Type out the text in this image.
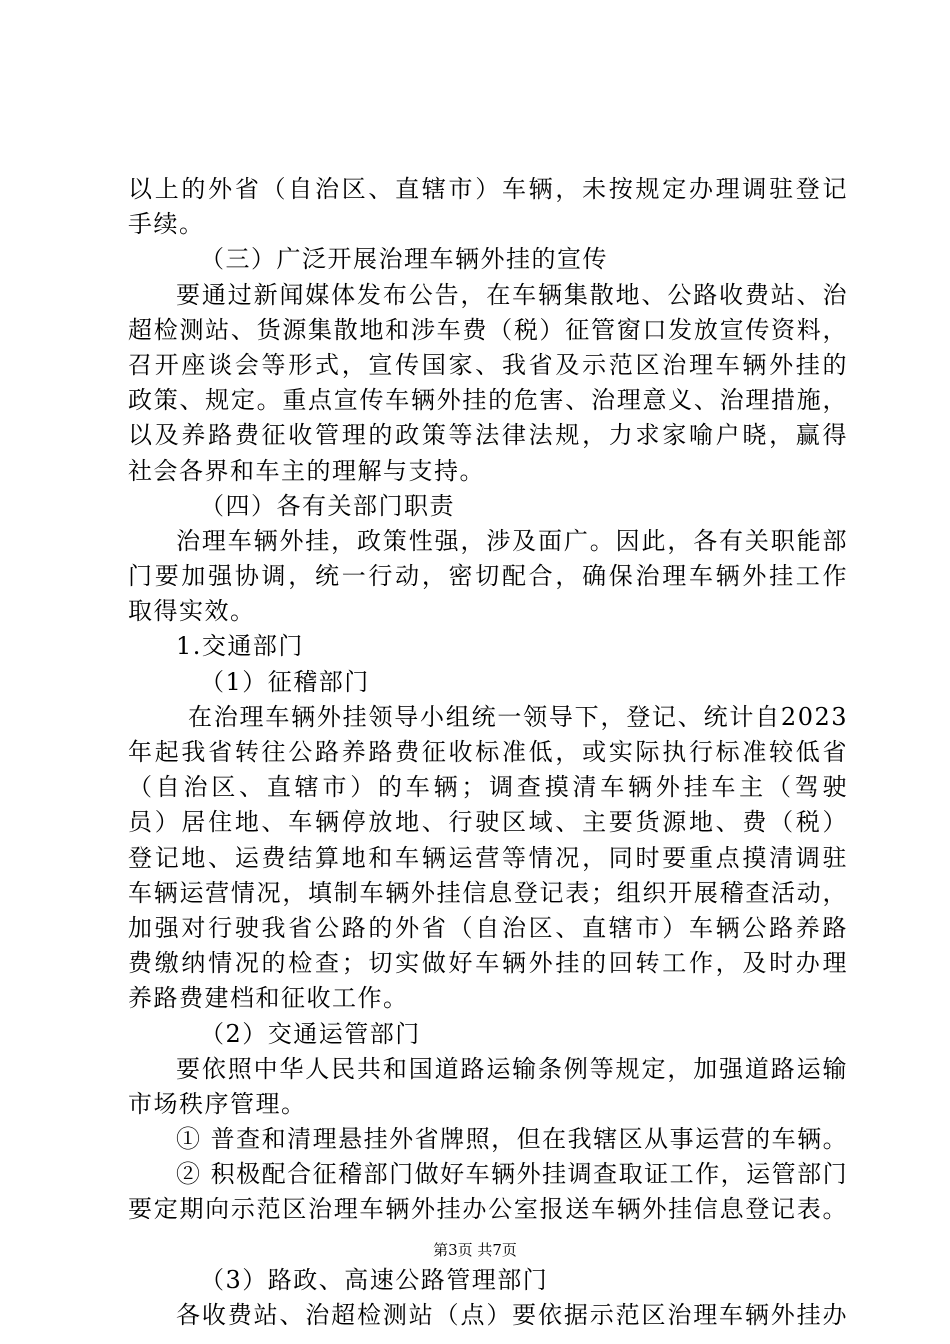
以上的外省（自治区、直辖市）车辆，未按规定办理调驻登记
手续。
（三）广泛开展治理车辆外挂的宣传
要通过新闻媒体发布公告，在车辆集散地、公路收费站、治
超检测站、货源集散地和涉车费（税）征管窗口发放宣传资料，
召开座谈会等形式，宣传国家、我省及示范区治理车辆外挂的
政策、规定。重点宣传车辆外挂的危害、治理意义、治理措施，
以及养路费征收管理的政策等法律法规，力求家喻户晓，赢得
社会各界和车主的理解与支持。
（四）各有关部门职责
治理车辆外挂，政策性强，涉及面广。因此，各有关职能部
门要加强协调，统一行动，密切配合，确保治理车辆外挂工作
取得实效。
1.交通部门
（1）征稽部门
在治理车辆外挂领导小组统一领导下，登记、统计自2023
年起我省转往公路养路费征收标准低，或实际执行标准较低省
（自治区、直辖市）的车辆；调查摸清车辆外挂车主（驾驶
员）居住地、车辆停放地、行驶区域、主要货源地、费（税）
登记地、运费结算地和车辆运营等情况，同时要重点摸清调驻
车辆运营情况，填制车辆外挂信息登记表；组织开展稽查活动，
加强对行驶我省公路的外省（自治区、直辖市）车辆公路养路
费缴纳情况的检查；切实做好车辆外挂的回转工作，及时办理
养路费建档和征收工作。
（2）交通运管部门
要依照中华人民共和国道路运输条例等规定，加强道路运输
市场秩序管理。
① 普查和清理悬挂外省牌照，但在我辖区从事运营的车辆。
② 积极配合征稽部门做好车辆外挂调查取证工作，运管部门
要定期向示范区治理车辆外挂办公室报送车辆外挂信息登记表。
（3）路政、高速公路管理部门
各收费站、治超检测站（点）要依据示范区治理车辆外挂办
第3页 共7页
